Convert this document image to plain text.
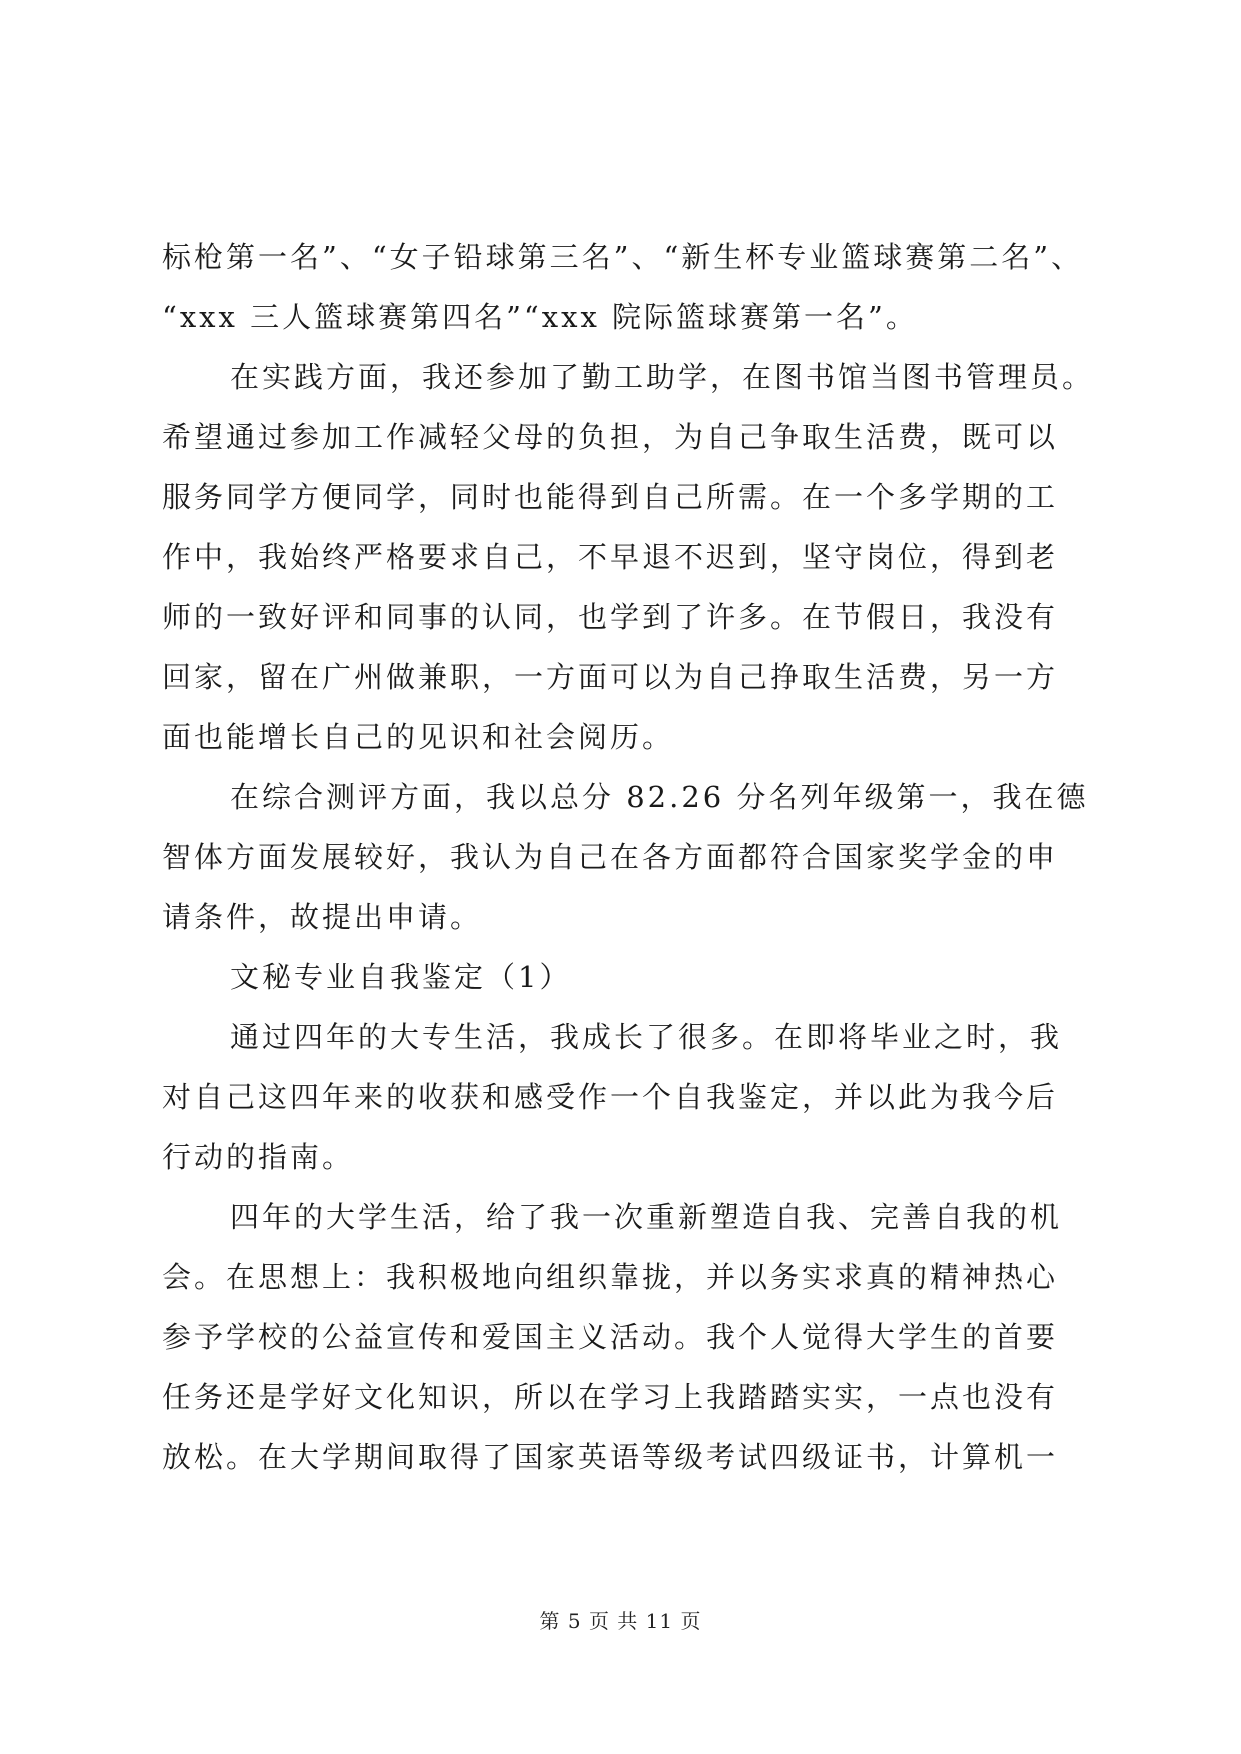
标枪第一名”、“女子铅球第三名”、“新生杯专业篮球赛第二名”、
“xxx 三人篮球赛第四名”“xxx 院际篮球赛第一名”。
在实践方面，我还参加了勤工助学，在图书馆当图书管理员。
希望通过参加工作减轻父母的负担，为自己争取生活费，既可以
服务同学方便同学，同时也能得到自己所需。在一个多学期的工
作中，我始终严格要求自己，不早退不迟到，坚守岗位，得到老
师的一致好评和同事的认同，也学到了许多。在节假日，我没有
回家，留在广州做兼职，一方面可以为自己挣取生活费，另一方
面也能增长自己的见识和社会阅历。
在综合测评方面，我以总分 82.26 分名列年级第一，我在德
智体方面发展较好，我认为自己在各方面都符合国家奖学金的申
请条件，故提出申请。
文秘专业自我鉴定（1）
通过四年的大专生活，我成长了很多。在即将毕业之时，我
对自己这四年来的收获和感受作一个自我鉴定，并以此为我今后
行动的指南。
四年的大学生活，给了我一次重新塑造自我、完善自我的机
会。在思想上：我积极地向组织靠拢，并以务实求真的精神热心
参予学校的公益宣传和爱国主义活动。我个人觉得大学生的首要
任务还是学好文化知识，所以在学习上我踏踏实实，一点也没有
放松。在大学期间取得了国家英语等级考试四级证书，计算机一
第 5 页 共 11 页
